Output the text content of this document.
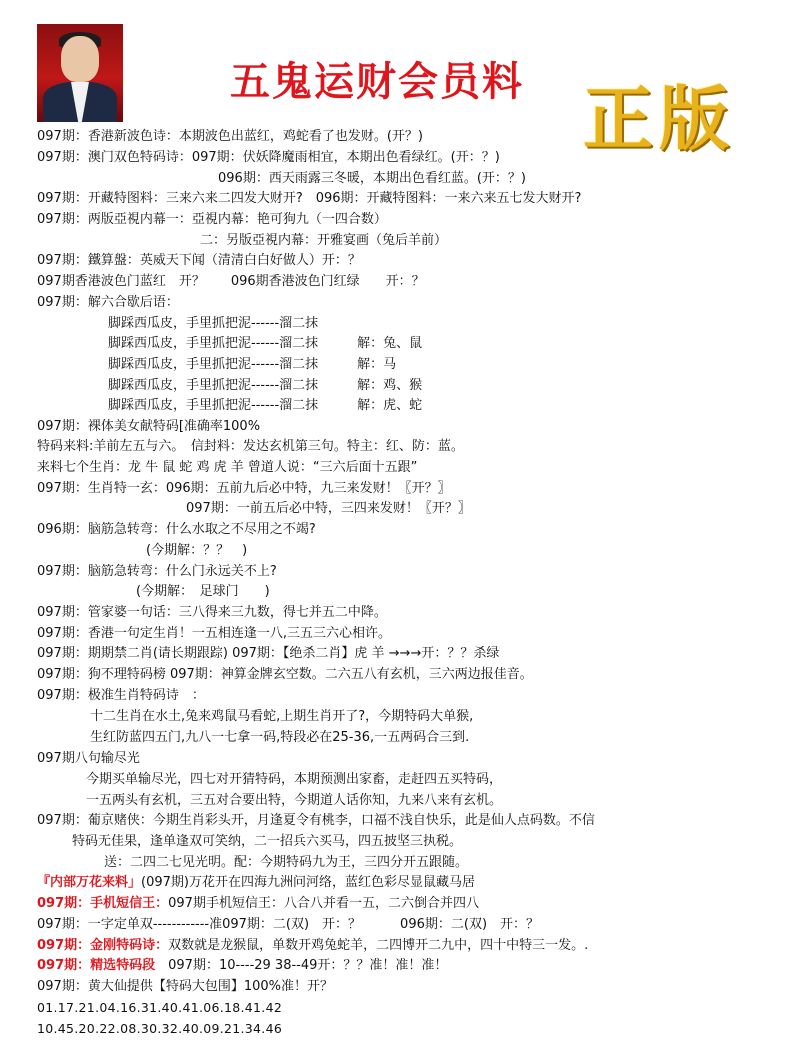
五鬼运财会员料 正版
097期：香港新波色诗：本期波色出蓝红，鸡蛇看了也发财。(开？)
097期：澳门双色特码诗：097期：伏妖降魔雨相宜，本期出色看绿红。(开：？)
096期：西天雨露三冬暖，本期出色看红蓝。(开：？)
097期：开藏特图料：三来六来二四发大财开?　096期：开藏特图料：一来六来五七发大财开?
097期：两版亞視内幕一：亞視内幕：艳可狗九（一四合数）
二：另版亞視内幕：开雅宴画（兔后羊前）
097期：鐵算盤：英威天下闻（清清白白好做人）开：？
097期香港波色门蓝红　开？　　096期香港波色门红绿　　开：？
097期：解六合歇后语：
脚踩西瓜皮，手里抓把泥------溜二抹
脚踩西瓜皮，手里抓把泥------溜二抹　　　解：兔、鼠
脚踩西瓜皮，手里抓把泥------溜二抹　　　解：马
脚踩西瓜皮，手里抓把泥------溜二抹　　　解：鸡、猴
脚踩西瓜皮，手里抓把泥------溜二抹　　　解：虎、蛇
097期：裸体美女献特码[准确率100%
特码来料:羊前左五与六。　信封料：发达玄机第三句。特主：红、防：蓝。
来料七个生肖：龙 牛 鼠 蛇 鸡 虎 羊 曾道人说：“三六后面十五跟”
097期：生肖特一玄：096期：五前九后必中特，九三来发财！〖开？〗
097期：一前五后必中特，三四来发财！〖开？〗
096期：脑筋急转弯：什么水取之不尽用之不竭?
(今期解：？？　)
097期：脑筋急转弯：什么门永远关不上?
(今期解：　足球门　　)
097期：管家婆一句话：三八得来三九数，得七并五二中降。
097期：香港一句定生肖！一五相连逢一八,三五三六心相许。
097期：期期禁二肖(请长期跟踪) 097期：【绝杀二肖】虎 羊 →→→开：？？杀绿
097期：狗不理特码榜 097期：神算金牌玄空数。二六五八有玄机，三六两边报佳音。
097期：极准生肖特码诗　：
十二生肖在水土,兔来鸡鼠马看蛇,上期生肖开了?，今期特码大单猴,
生红防蓝四五门,九八一七拿一码,特段必在25-36,一五两码合三到.
097期八句输尽光
今期买单输尽光，四七对开猜特码，本期预测出家畜，走赶四五买特码，
一五两头有玄机，三五对合要出特，今期道人话你知，九来八来有玄机。
097期：葡京赌侠：今期生肖彩头开，月逢夏令有桃李，口福不浅自快乐，此是仙人点码数。不信
特码无佳果，逢单逢双可笑纳，二一招兵六买马，四五披坚三执税。
送：二四二七见光明。配：今期特码九为王，三四分开五跟随。
『内部万花来料」(097期)万花开在四海九洲问河络，蓝红色彩尽显鼠藏马居
097期：手机短信王：097期手机短信王：八合八并看一五，二六倒合并四八
097期：一字定单双------------准097期：二(双)　开：？　　　096期：二(双)　开：？
097期：金刚特码诗：双数就是龙猴鼠，单数开鸡兔蛇羊，二四博开二九中，四十中特三一发。.
097期：精选特码段　097期：10----29 38--49开：？？准！准！准！
097期：黄大仙提供【特码大包围】100%准！开？
01.17.21.04.16.31.40.41.06.18.41.42
10.45.20.22.08.30.32.40.09.21.34.46
